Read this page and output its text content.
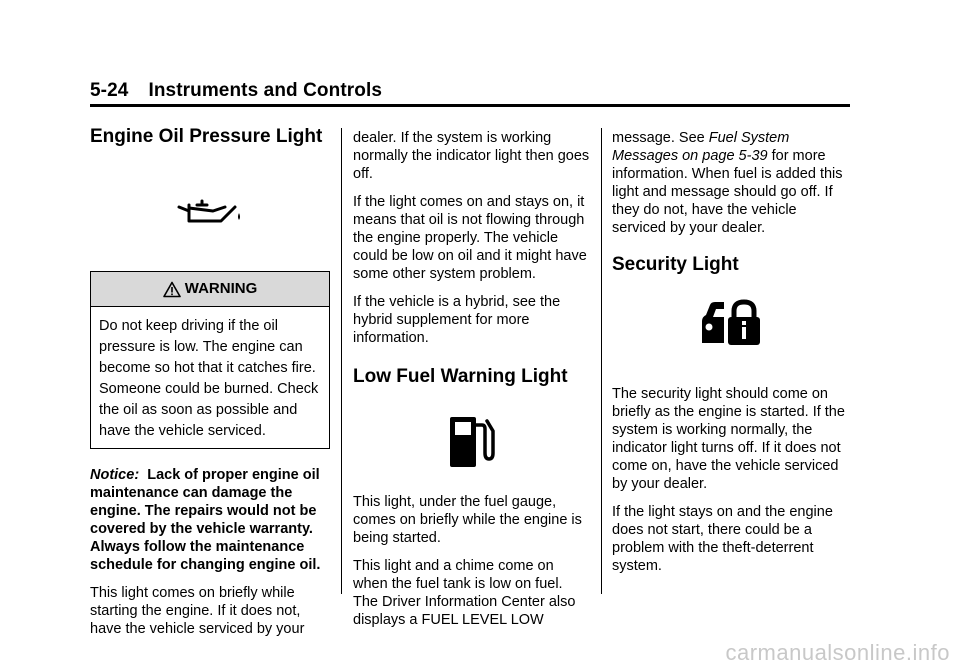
5-24 Instruments and Controls
Engine Oil Pressure Light
WARNING
Do not keep driving if the oil pressure is low. The engine can become so hot that it catches fire. Someone could be burned. Check the oil as soon as possible and have the vehicle serviced.

Notice: Lack of proper engine oil maintenance can damage the engine. The repairs would not be covered by the vehicle warranty. Always follow the maintenance schedule for changing engine oil.

This light comes on briefly while starting the engine. If it does not, have the vehicle serviced by your

dealer. If the system is working normally the indicator light then goes off.

If the light comes on and stays on, it means that oil is not flowing through the engine properly. The vehicle could be low on oil and it might have some other system problem.

If the vehicle is a hybrid, see the hybrid supplement for more information.

Low Fuel Warning Light

This light, under the fuel gauge, comes on briefly while the engine is being started.

This light and a chime come on when the fuel tank is low on fuel. The Driver Information Center also displays a FUEL LEVEL LOW

message. See Fuel System Messages on page 5‑39 for more information. When fuel is added this light and message should go off. If they do not, have the vehicle serviced by your dealer.

Security Light

The security light should come on briefly as the engine is started. If the system is working normally, the indicator light turns off. If it does not come on, have the vehicle serviced by your dealer.

If the light stays on and the engine does not start, there could be a problem with the theft-deterrent system.

carmanualsonline.info
